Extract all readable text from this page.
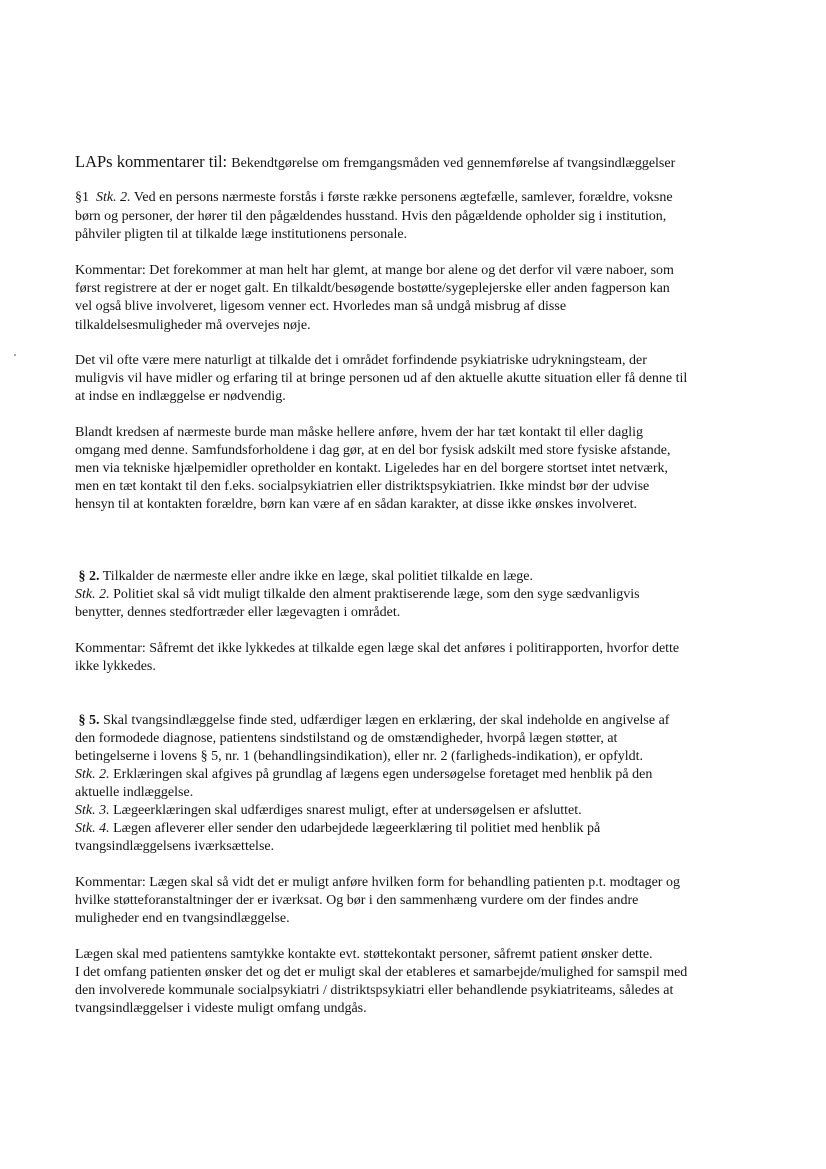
LAPs kommentarer til: Bekendtgørelse om fremgangsmåden ved gennemførelse af tvangsindlæggelser
§1 Stk. 2. Ved en persons nærmeste forstås i første række personens ægtefælle, samlever, forældre, voksne
børn og personer, der hører til den pågældendes husstand. Hvis den pågældende opholder sig i institution,
påhviler pligten til at tilkalde læge institutionens personale.
Kommentar: Det forekommer at man helt har glemt, at mange bor alene og det derfor vil være naboer, som
først registrere at der er noget galt. En tilkaldt/besøgende bostøtte/sygeplejerske eller anden fagperson kan
vel også blive involveret, ligesom venner ect. Hvorledes man så undgå misbrug af disse
tilkaldelsesmuligheder må overvejes nøje.
Det vil ofte være mere naturligt at tilkalde det i området forfindende psykiatriske udrykningsteam, der
muligvis vil have midler og erfaring til at bringe personen ud af den aktuelle akutte situation eller få denne til
at indse en indlæggelse er nødvendig.
Blandt kredsen af nærmeste burde man måske hellere anføre, hvem der har tæt kontakt til eller daglig
omgang med denne. Samfundsforholdene i dag gør, at en del bor fysisk adskilt med store fysiske afstande,
men via tekniske hjælpemidler opretholder en kontakt. Ligeledes har en del borgere stortset intet netværk,
men en tæt kontakt til den f.eks. socialpsykiatrien eller distriktspsykiatrien. Ikke mindst bør der udvise
hensyn til at kontakten forældre, børn kan være af en sådan karakter, at disse ikke ønskes involveret.
§ 2. Tilkalder de nærmeste eller andre ikke en læge, skal politiet tilkalde en læge.
Stk. 2. Politiet skal så vidt muligt tilkalde den alment praktiserende læge, som den syge sædvanligvis
benytter, dennes stedfortræder eller lægevagten i området.
Kommentar: Såfremt det ikke lykkedes at tilkalde egen læge skal det anføres i politirapporten, hvorfor dette
ikke lykkedes.
§ 5. Skal tvangsindlæggelse finde sted, udfærdiger lægen en erklæring, der skal indeholde en angivelse af
den formodede diagnose, patientens sindstilstand og de omstændigheder, hvorpå lægen støtter, at
betingelserne i lovens § 5, nr. 1 (behandlingsindikation), eller nr. 2 (farligheds-indikation), er opfyldt.
Stk. 2. Erklæringen skal afgives på grundlag af lægens egen undersøgelse foretaget med henblik på den
aktuelle indlæggelse.
Stk. 3. Lægeerklæringen skal udfærdiges snarest muligt, efter at undersøgelsen er afsluttet.
Stk. 4. Lægen afleverer eller sender den udarbejdede lægeerklæring til politiet med henblik på
tvangsindlæggelsens iværksættelse.
Kommentar: Lægen skal så vidt det er muligt anføre hvilken form for behandling patienten p.t. modtager og
hvilke støtteforanstaltninger der er iværksat. Og bør i den sammenhæng vurdere om der findes andre
muligheder end en tvangsindlæggelse.
Lægen skal med patientens samtykke kontakte evt. støttekontakt personer, såfremt patient ønsker dette.
I det omfang patienten ønsker det og det er muligt skal der etableres et samarbejde/mulighed for samspil med
den involverede kommunale socialpsykiatri / distriktspsykiatri eller behandlende psykiatriteams, således at
tvangsindlæggelser i videste muligt omfang undgås.
